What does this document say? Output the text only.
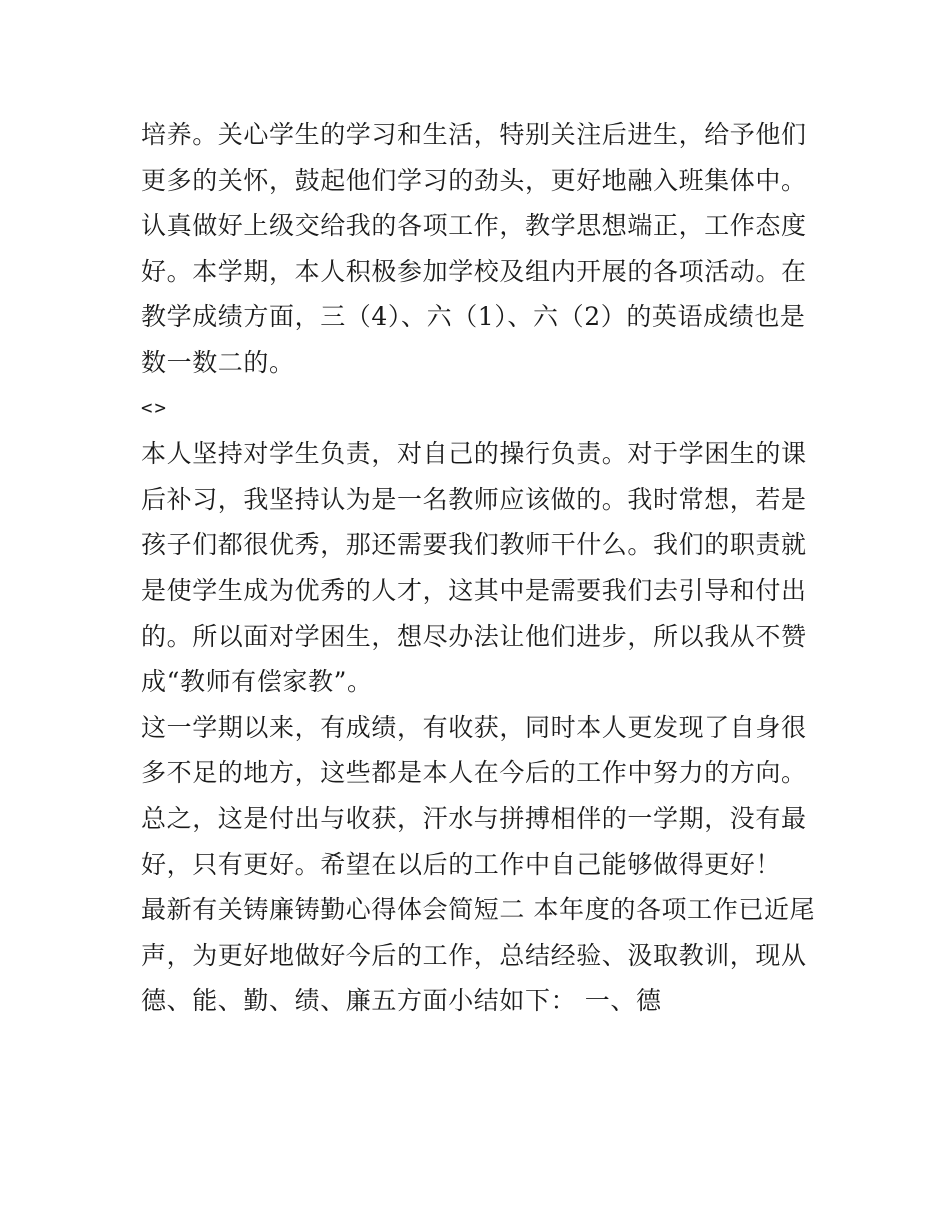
培养。关心学生的学习和生活，特别关注后进生，给予他们更多的关怀，鼓起他们学习的劲头，更好地融入班集体中。认真做好上级交给我的各项工作，教学思想端正，工作态度好。本学期，本人积极参加学校及组内开展的各项活动。在教学成绩方面，三（4）、六（1）、六（2）的英语成绩也是数一数二的。

<>

本人坚持对学生负责，对自己的操行负责。对于学困生的课后补习，我坚持认为是一名教师应该做的。我时常想，若是孩子们都很优秀，那还需要我们教师干什么。我们的职责就是使学生成为优秀的人才，这其中是需要我们去引导和付出的。所以面对学困生，想尽办法让他们进步，所以我从不赞成“教师有偿家教”。

这一学期以来，有成绩，有收获，同时本人更发现了自身很多不足的地方，这些都是本人在今后的工作中努力的方向。总之，这是付出与收获，汗水与拼搏相伴的一学期，没有最好，只有更好。希望在以后的工作中自己能够做得更好！

最新有关铸廉铸勤心得体会简短二 本年度的各项工作已近尾声，为更好地做好今后的工作，总结经验、汲取教训，现从德、能、勤、绩、廉五方面小结如下： 一、德
